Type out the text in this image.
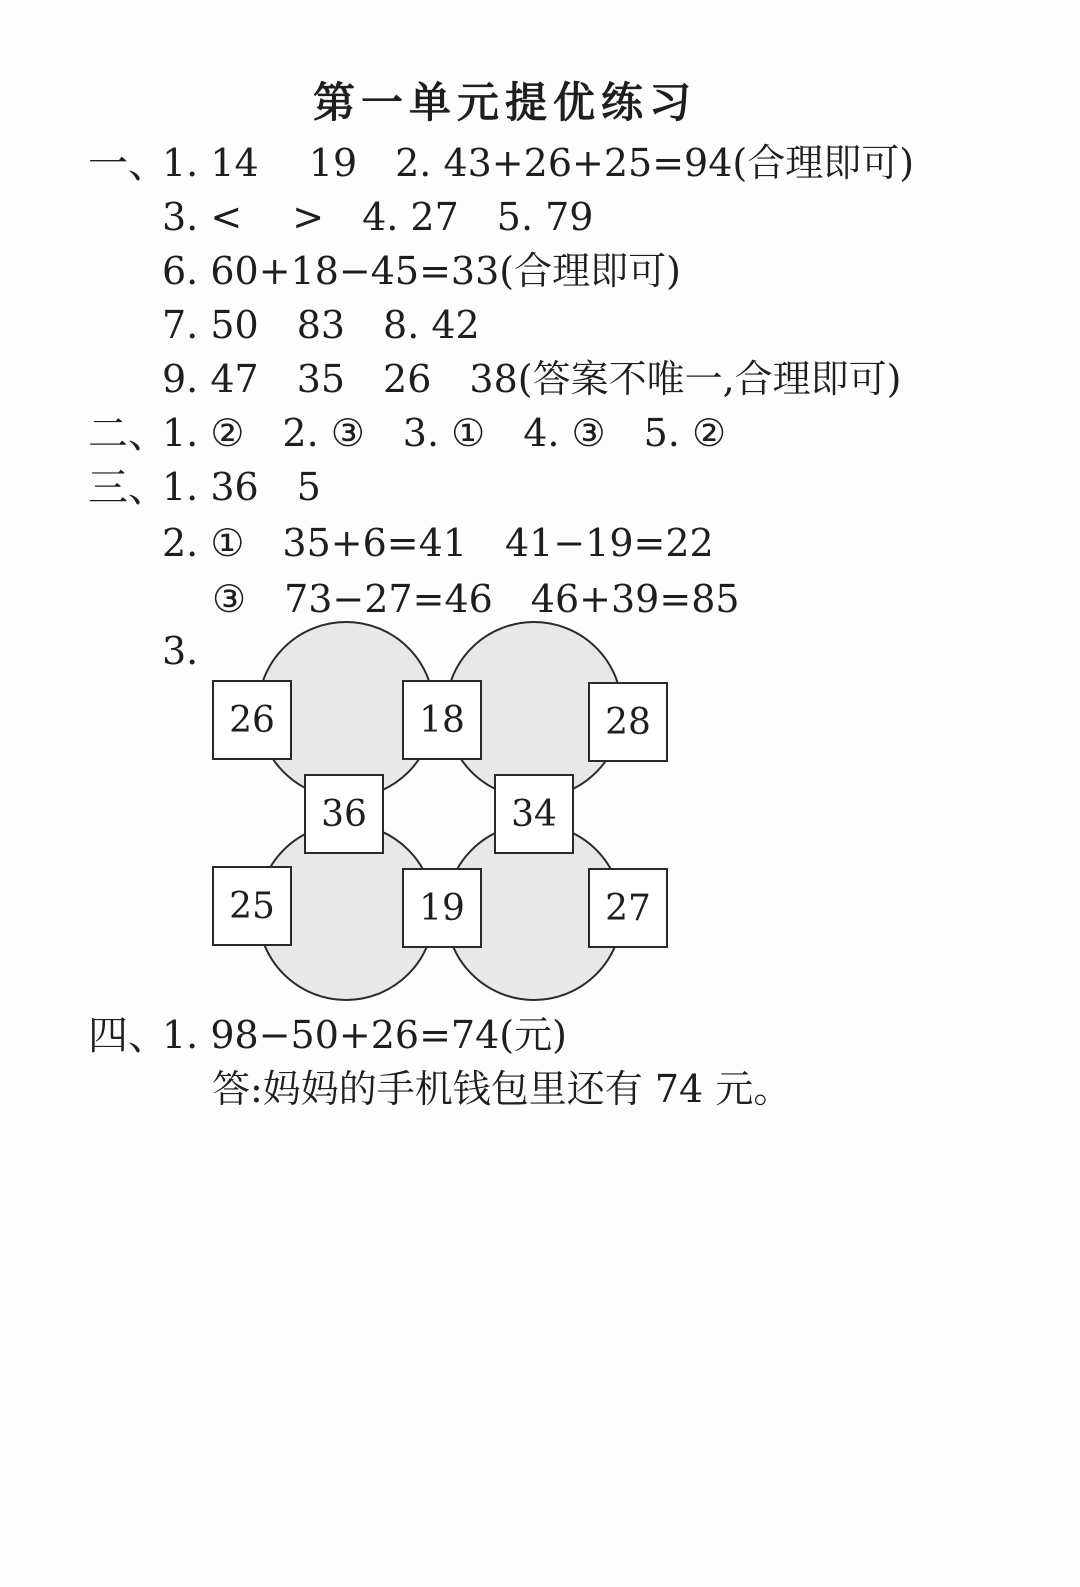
第一单元提优练习
一、
1. 14　 19　2. 43+26+25=94(合理即可)
3. <　 >　4. 27　5. 79
6. 60+18−45=33(合理即可)
7. 50　83　8. 42
9. 47　35　26　38(答案不唯一,合理即可)
二、
1. ②　2. ③　3. ①　4. ③　5. ②
三、
1. 36　5
2. ①　35+6=41　41−19=22
③　73−27=46　46+39=85
3.
26	18	28
36	34
25	19	27
四、
1. 98−50+26=74(元)
答:妈妈的手机钱包里还有 74 元。
